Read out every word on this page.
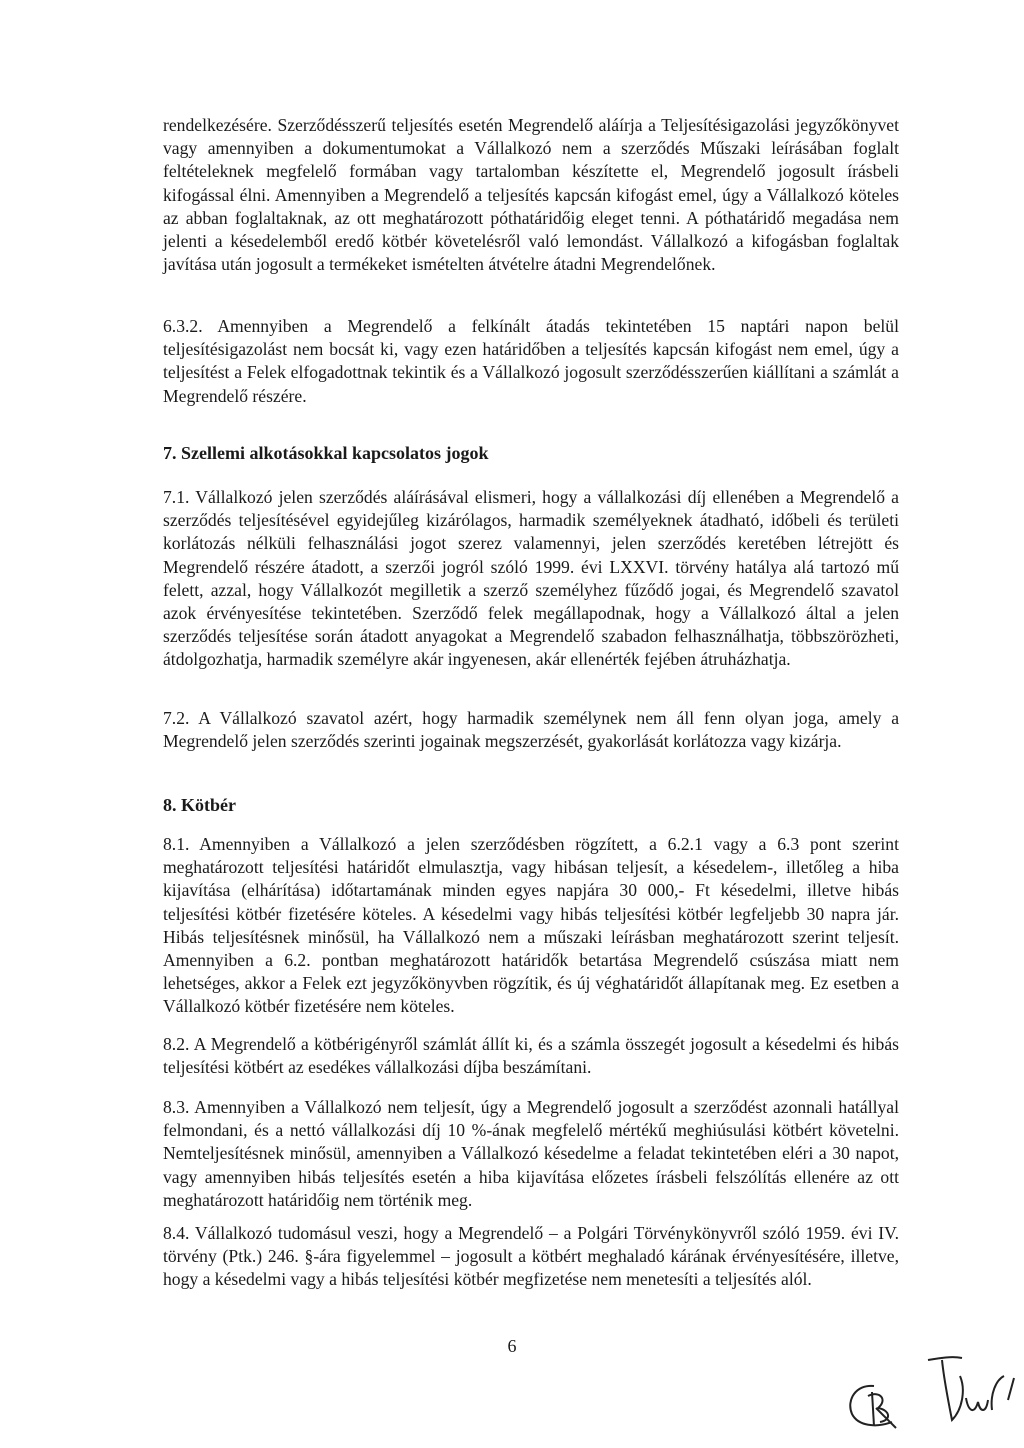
rendelkezésére. Szerződésszerű teljesítés esetén Megrendelő aláírja a Teljesítésigazolási jegyzőkönyvet vagy amennyiben a dokumentumokat a Vállalkozó nem a szerződés Műszaki leírásában foglalt feltételeknek megfelelő formában vagy tartalomban készítette el, Megrendelő jogosult írásbeli kifogással élni. Amennyiben a Megrendelő a teljesítés kapcsán kifogást emel, úgy a Vállalkozó köteles az abban foglaltaknak, az ott meghatározott póthatáridőig eleget tenni. A póthatáridő megadása nem jelenti a késedelemből eredő kötbér követelésről való lemondást. Vállalkozó a kifogásban foglaltak javítása után jogosult a termékeket ismételten átvételre átadni Megrendelőnek.

6.3.2. Amennyiben a Megrendelő a felkínált átadás tekintetében 15 naptári napon belül teljesítésigazolást nem bocsát ki, vagy ezen határidőben a teljesítés kapcsán kifogást nem emel, úgy a teljesítést a Felek elfogadottnak tekintik és a Vállalkozó jogosult szerződésszerűen kiállítani a számlát a Megrendelő részére.

7. Szellemi alkotásokkal kapcsolatos jogok

7.1. Vállalkozó jelen szerződés aláírásával elismeri, hogy a vállalkozási díj ellenében a Megrendelő a szerződés teljesítésével egyidejűleg kizárólagos, harmadik személyeknek átadható, időbeli és területi korlátozás nélküli felhasználási jogot szerez valamennyi, jelen szerződés keretében létrejött és Megrendelő részére átadott, a szerzői jogról szóló 1999. évi LXXVI. törvény hatálya alá tartozó mű felett, azzal, hogy Vállalkozót megilletik a szerző személyhez fűződő jogai, és Megrendelő szavatol azok érvényesítése tekintetében. Szerződő felek megállapodnak, hogy a Vállalkozó által a jelen szerződés teljesítése során átadott anyagokat a Megrendelő szabadon felhasználhatja, többszörözheti, átdolgozhatja, harmadik személyre akár ingyenesen, akár ellenérték fejében átruházhatja.

7.2. A Vállalkozó szavatol azért, hogy harmadik személynek nem áll fenn olyan joga, amely a Megrendelő jelen szerződés szerinti jogainak megszerzését, gyakorlását korlátozza vagy kizárja.

8. Kötbér

8.1. Amennyiben a Vállalkozó a jelen szerződésben rögzített, a 6.2.1 vagy a 6.3 pont szerint meghatározott teljesítési határidőt elmulasztja, vagy hibásan teljesít, a késedelem-, illetőleg a hiba kijavítása (elhárítása) időtartamának minden egyes napjára 30 000,- Ft késedelmi, illetve hibás teljesítési kötbér fizetésére köteles. A késedelmi vagy hibás teljesítési kötbér legfeljebb 30 napra jár. Hibás teljesítésnek minősül, ha Vállalkozó nem a műszaki leírásban meghatározott szerint teljesít. Amennyiben a 6.2. pontban meghatározott határidők betartása Megrendelő csúszása miatt nem lehetséges, akkor a Felek ezt jegyzőkönyvben rögzítik, és új véghatáridőt állapítanak meg. Ez esetben a Vállalkozó kötbér fizetésére nem köteles.

8.2. A Megrendelő a kötbérigényről számlát állít ki, és a számla összegét jogosult a késedelmi és hibás teljesítési kötbért az esedékes vállalkozási díjba beszámítani.

8.3. Amennyiben a Vállalkozó nem teljesít, úgy a Megrendelő jogosult a szerződést azonnali hatállyal felmondani, és a nettó vállalkozási díj 10 %-ának megfelelő mértékű meghiúsulási kötbért követelni. Nemteljesítésnek minősül, amennyiben a Vállalkozó késedelme a feladat tekintetében eléri a 30 napot, vagy amennyiben hibás teljesítés esetén a hiba kijavítása előzetes írásbeli felszólítás ellenére az ott meghatározott határidőig nem történik meg.

8.4. Vállalkozó tudomásul veszi, hogy a Megrendelő – a Polgári Törvénykönyvről szóló 1959. évi IV. törvény (Ptk.) 246. §-ára figyelemmel – jogosult a kötbért meghaladó kárának érvényesítésére, illetve, hogy a késedelmi vagy a hibás teljesítési kötbér megfizetése nem menetesíti a teljesítés alól.

6
